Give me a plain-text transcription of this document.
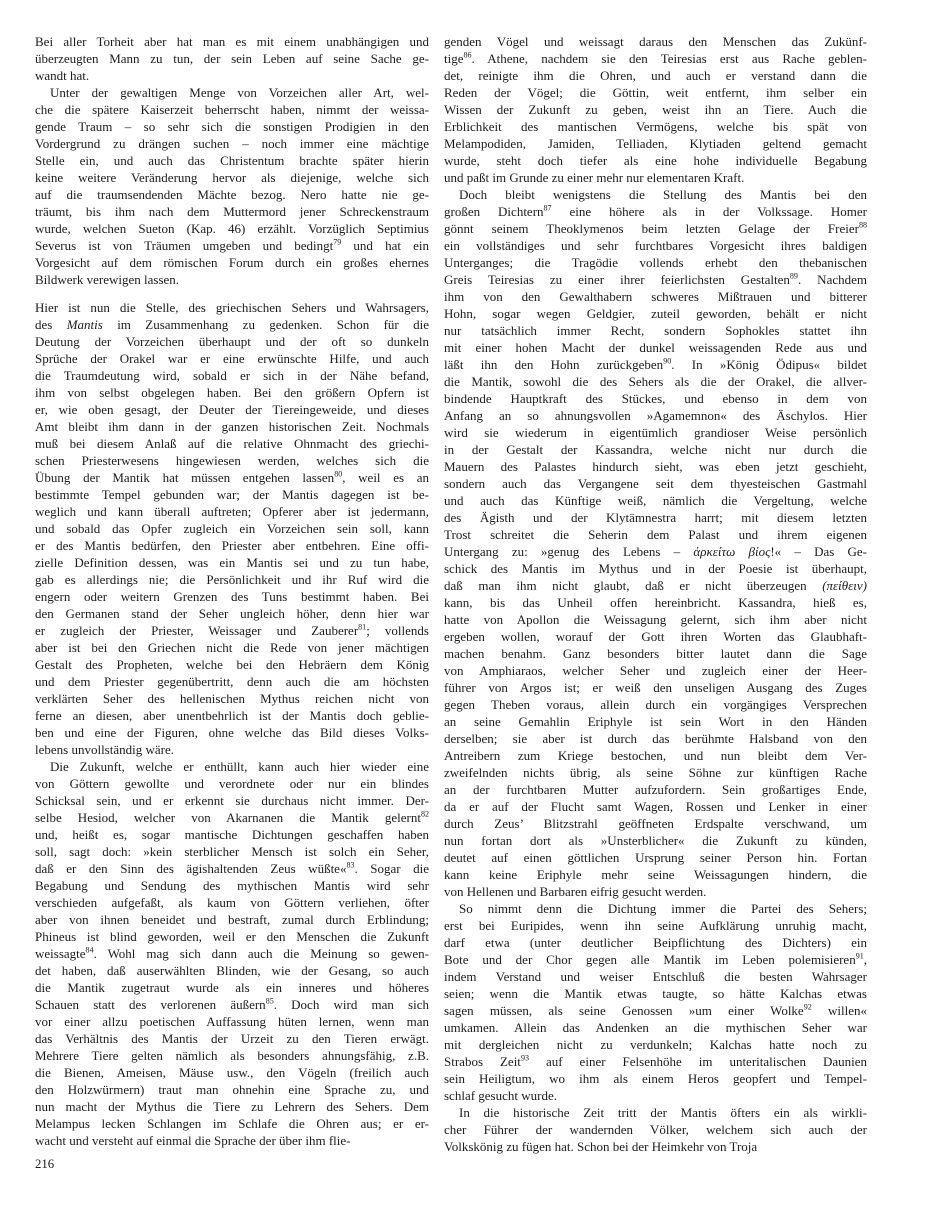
Bei aller Torheit aber hat man es mit einem unabhängigen und
überzeugten Mann zu tun, der sein Leben auf seine Sache ge-
wandt hat.
Unter der gewaltigen Menge von Vorzeichen aller Art, wel-
che die spätere Kaiserzeit beherrscht haben, nimmt der weissa-
gende Traum – so sehr sich die sonstigen Prodigien in den
Vordergrund zu drängen suchen – noch immer eine mächtige
Stelle ein, und auch das Christentum brachte später hierin
keine weitere Veränderung hervor als diejenige, welche sich
auf die traumsendenden Mächte bezog. Nero hatte nie ge-
träumt, bis ihm nach dem Muttermord jener Schreckenstraum
wurde, welchen Sueton (Kap. 46) erzählt. Vorzüglich Septimius
Severus ist von Träumen umgeben und bedingt$^{79}$ und hat ein
Vorgesicht auf dem römischen Forum durch ein großes ehernes
Bildwerk verewigen lassen.
Hier ist nun die Stelle, des griechischen Sehers und Wahrsagers,
des Mantis im Zusammenhang zu gedenken. Schon für die
Deutung der Vorzeichen überhaupt und der oft so dunkeln
Sprüche der Orakel war er eine erwünschte Hilfe, und auch
die Traumdeutung wird, sobald er sich in der Nähe befand,
ihm von selbst obgelegen haben. Bei den größern Opfern ist
er, wie oben gesagt, der Deuter der Tiereingeweide, und dieses
Amt bleibt ihm dann in der ganzen historischen Zeit. Nochmals
muß bei diesem Anlaß auf die relative Ohnmacht des griechi-
schen Priesterwesens hingewiesen werden, welches sich die
Übung der Mantik hat müssen entgehen lassen$^{80}$, weil es an
bestimmte Tempel gebunden war; der Mantis dagegen ist be-
weglich und kann überall auftreten; Opferer aber ist jedermann,
und sobald das Opfer zugleich ein Vorzeichen sein soll, kann
er des Mantis bedürfen, den Priester aber entbehren. Eine offi-
zielle Definition dessen, was ein Mantis sei und zu tun habe,
gab es allerdings nie; die Persönlichkeit und ihr Ruf wird die
engern oder weitern Grenzen des Tuns bestimmt haben. Bei
den Germanen stand der Seher ungleich höher, denn hier war
er zugleich der Priester, Weissager und Zauberer$^{81}$; vollends
aber ist bei den Griechen nicht die Rede von jener mächtigen
Gestalt des Propheten, welche bei den Hebräern dem König
und dem Priester gegenübertritt, denn auch die am höchsten
verklärten Seher des hellenischen Mythus reichen nicht von
ferne an diesen, aber unentbehrlich ist der Mantis doch geblie-
ben und eine der Figuren, ohne welche das Bild dieses Volks-
lebens unvollständig wäre.
Die Zukunft, welche er enthüllt, kann auch hier wieder eine
von Göttern gewollte und verordnete oder nur ein blindes
Schicksal sein, und er erkennt sie durchaus nicht immer. Der-
selbe Hesiod, welcher von Akarnanen die Mantik gelernt$^{82}$
und, heißt es, sogar mantische Dichtungen geschaffen haben
soll, sagt doch: »kein sterblicher Mensch ist solch ein Seher,
daß er den Sinn des ägishaltenden Zeus wüßte«$^{83}$. Sogar die
Begabung und Sendung des mythischen Mantis wird sehr
verschieden aufgefaßt, als kaum von Göttern verliehen, öfter
aber von ihnen beneidet und bestraft, zumal durch Erblindung;
Phineus ist blind geworden, weil er den Menschen die Zukunft
weissagte$^{84}$. Wohl mag sich dann auch die Meinung so gewen-
det haben, daß auserwählten Blinden, wie der Gesang, so auch
die Mantik zugetraut wurde als ein inneres und höheres
Schauen statt des verlorenen äußern$^{85}$. Doch wird man sich
vor einer allzu poetischen Auffassung hüten lernen, wenn man
das Verhältnis des Mantis der Urzeit zu den Tieren erwägt.
Mehrere Tiere gelten nämlich als besonders ahnungsfähig, z.B.
die Bienen, Ameisen, Mäuse usw., den Vögeln (freilich auch
den Holzwürmern) traut man ohnehin eine Sprache zu, und
nun macht der Mythus die Tiere zu Lehrern des Sehers. Dem
Melampus lecken Schlangen im Schlafe die Ohren aus; er er-
wacht und versteht auf einmal die Sprache der über ihm flie-
genden Vögel und weissagt daraus den Menschen das Zukünf-
tige$^{86}$. Athene, nachdem sie den Teiresias erst aus Rache geblen-
det, reinigte ihm die Ohren, und auch er verstand dann die
Reden der Vögel; die Göttin, weit entfernt, ihm selber ein
Wissen der Zukunft zu geben, weist ihn an Tiere. Auch die
Erblichkeit des mantischen Vermögens, welche bis spät von
Melampodiden, Jamiden, Telliaden, Klytiaden geltend gemacht
wurde, steht doch tiefer als eine hohe individuelle Begabung
und paßt im Grunde zu einer mehr nur elementaren Kraft.
Doch bleibt wenigstens die Stellung des Mantis bei den
großen Dichtern$^{87}$ eine höhere als in der Volkssage. Homer
gönnt seinem Theoklymenos beim letzten Gelage der Freier$^{88}$
ein vollständiges und sehr furchtbares Vorgesicht ihres baldigen
Unterganges; die Tragödie vollends erhebt den thebanischen
Greis Teiresias zu einer ihrer feierlichsten Gestalten$^{89}$. Nachdem
ihm von den Gewalthabern schweres Mißtrauen und bitterer
Hohn, sogar wegen Geldgier, zuteil geworden, behält er nicht
nur tatsächlich immer Recht, sondern Sophokles stattet ihn
mit einer hohen Macht der dunkel weissagenden Rede aus und
läßt ihn den Hohn zurückgeben$^{90}$. In »König Ödipus« bildet
die Mantik, sowohl die des Sehers als die der Orakel, die allver-
bindende Hauptkraft des Stückes, und ebenso in dem von
Anfang an so ahnungsvollen »Agamemnon« des Äschylos. Hier
wird sie wiederum in eigentümlich grandioser Weise persönlich
in der Gestalt der Kassandra, welche nicht nur durch die
Mauern des Palastes hindurch sieht, was eben jetzt geschieht,
sondern auch das Vergangene seit dem thyesteischen Gastmahl
und auch das Künftige weiß, nämlich die Vergeltung, welche
des Ägisth und der Klytämnestra harrt; mit diesem letzten
Trost schreitet die Seherin dem Palast und ihrem eigenen
Untergang zu: »genug des Lebens – ἀρκείτω βίος!« – Das Ge-
schick des Mantis im Mythus und in der Poesie ist überhaupt,
daß man ihm nicht glaubt, daß er nicht überzeugen (πείθειν)
kann, bis das Unheil offen hereinbricht. Kassandra, hieß es,
hatte von Apollon die Weissagung gelernt, sich ihm aber nicht
ergeben wollen, worauf der Gott ihren Worten das Glaubhaft-
machen benahm. Ganz besonders bitter lautet dann die Sage
von Amphiaraos, welcher Seher und zugleich einer der Heer-
führer von Argos ist; er weiß den unseligen Ausgang des Zuges
gegen Theben voraus, allein durch ein vorgängiges Versprechen
an seine Gemahlin Eriphyle ist sein Wort in den Händen
derselben; sie aber ist durch das berühmte Halsband von den
Antreibern zum Kriege bestochen, und nun bleibt dem Ver-
zweifelnden nichts übrig, als seine Söhne zur künftigen Rache
an der furchtbaren Mutter aufzufordern. Sein großartiges Ende,
da er auf der Flucht samt Wagen, Rossen und Lenker in einer
durch Zeus’ Blitzstrahl geöffneten Erdspalte verschwand, um
nun fortan dort als »Unsterblicher« die Zukunft zu künden,
deutet auf einen göttlichen Ursprung seiner Person hin. Fortan
kann keine Eriphyle mehr seine Weissagungen hindern, die
von Hellenen und Barbaren eifrig gesucht werden.
So nimmt denn die Dichtung immer die Partei des Sehers;
erst bei Euripides, wenn ihn seine Aufklärung unruhig macht,
darf etwa (unter deutlicher Beipflichtung des Dichters) ein
Bote und der Chor gegen alle Mantik im Leben polemisieren$^{91}$,
indem Verstand und weiser Entschluß die besten Wahrsager
seien; wenn die Mantik etwas taugte, so hätte Kalchas etwas
sagen müssen, als seine Genossen »um einer Wolke$^{92}$ willen«
umkamen. Allein das Andenken an die mythischen Seher war
mit dergleichen nicht zu verdunkeln; Kalchas hatte noch zu
Strabos Zeit$^{93}$ auf einer Felsenhöhe im unteritalischen Daunien
sein Heiligtum, wo ihm als einem Heros geopfert und Tempel-
schlaf gesucht wurde.
In die historische Zeit tritt der Mantis öfters ein als wirkli-
cher Führer der wandernden Völker, welchem sich auch der
Volkskönig zu fügen hat. Schon bei der Heimkehr von Troja
216
